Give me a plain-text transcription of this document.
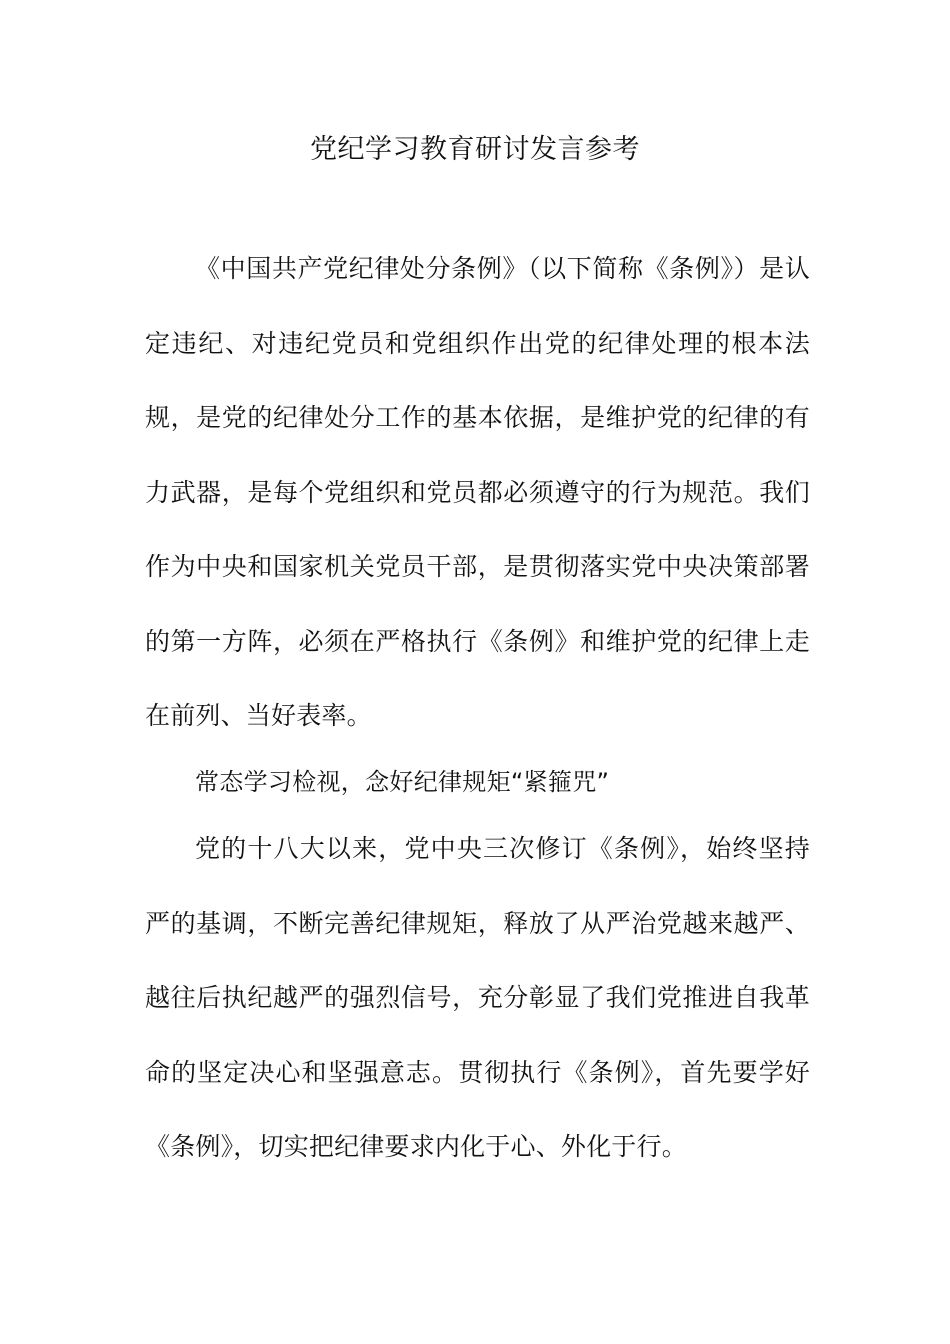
党纪学习教育研讨发言参考

《中国共产党纪律处分条例》（以下简称《条例》）是认定违纪、对违纪党员和党组织作出党的纪律处理的根本法规，是党的纪律处分工作的基本依据，是维护党的纪律的有力武器，是每个党组织和党员都必须遵守的行为规范。我们作为中央和国家机关党员干部，是贯彻落实党中央决策部署的第一方阵，必须在严格执行《条例》和维护党的纪律上走在前列、当好表率。

常态学习检视，念好纪律规矩“紧箍咒”

党的十八大以来，党中央三次修订《条例》，始终坚持严的基调，不断完善纪律规矩，释放了从严治党越来越严、越往后执纪越严的强烈信号，充分彰显了我们党推进自我革命的坚定决心和坚强意志。贯彻执行《条例》，首先要学好《条例》，切实把纪律要求内化于心、外化于行。
